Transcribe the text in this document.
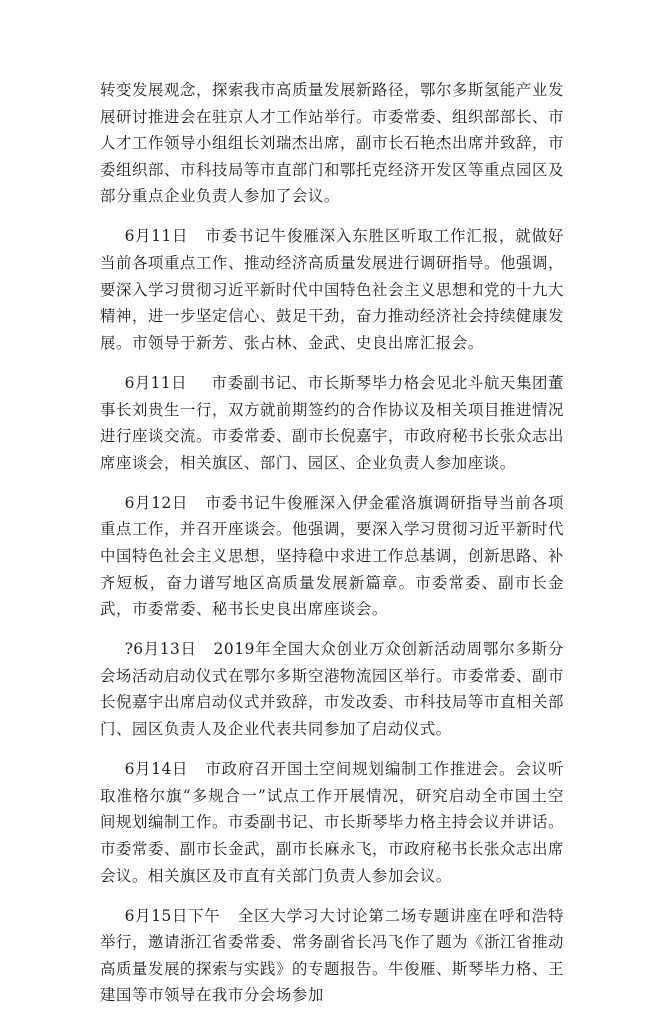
转变发展观念，探索我市高质量发展新路径，鄂尔多斯氢能产业发展研讨推进会在驻京人才工作站举行。市委常委、组织部部长、市人才工作领导小组组长刘瑞杰出席，副市长石艳杰出席并致辞，市委组织部、市科技局等市直部门和鄂托克经济开发区等重点园区及部分重点企业负责人参加了会议。

6月11日 市委书记牛俊雁深入东胜区听取工作汇报，就做好当前各项重点工作、推动经济高质量发展进行调研指导。他强调，要深入学习贯彻习近平新时代中国特色社会主义思想和党的十九大精神，进一步坚定信心、鼓足干劲，奋力推动经济社会持续健康发展。市领导于新芳、张占林、金武、史良出席汇报会。

6月11日 市委副书记、市长斯琴毕力格会见北斗航天集团董事长刘贵生一行，双方就前期签约的合作协议及相关项目推进情况进行座谈交流。市委常委、副市长倪嘉宇，市政府秘书长张众志出席座谈会，相关旗区、部门、园区、企业负责人参加座谈。

6月12日 市委书记牛俊雁深入伊金霍洛旗调研指导当前各项重点工作，并召开座谈会。他强调，要深入学习贯彻习近平新时代中国特色社会主义思想，坚持稳中求进工作总基调，创新思路、补齐短板，奋力谱写地区高质量发展新篇章。市委常委、副市长金武，市委常委、秘书长史良出席座谈会。

?6月13日 2019年全国大众创业万众创新活动周鄂尔多斯分会场活动启动仪式在鄂尔多斯空港物流园区举行。市委常委、副市长倪嘉宇出席启动仪式并致辞，市发改委、市科技局等市直相关部门、园区负责人及企业代表共同参加了启动仪式。

6月14日 市政府召开国土空间规划编制工作推进会。会议听取准格尔旗“多规合一”试点工作开展情况，研究启动全市国土空间规划编制工作。市委副书记、市长斯琴毕力格主持会议并讲话。市委常委、副市长金武，副市长麻永飞，市政府秘书长张众志出席会议。相关旗区及市直有关部门负责人参加会议。

6月15日下午 全区大学习大讨论第二场专题讲座在呼和浩特举行，邀请浙江省委常委、常务副省长冯飞作了题为《浙江省推动高质量发展的探索与实践》的专题报告。牛俊雁、斯琴毕力格、王建国等市领导在我市分会场参加
